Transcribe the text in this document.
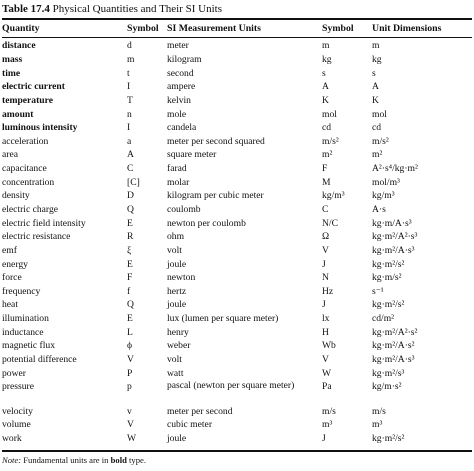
Table 17.4 Physical Quantities and Their SI Units
Quantity	Symbol	SI Measurement Units	Symbol	Unit Dimensions
distance	d	meter	m	m
mass	m	kilogram	kg	kg
time	t	second	s	s
electric current	I	ampere	A	A
temperature	T	kelvin	K	K
amount	n	mole	mol	mol
luminous intensity	I	candela	cd	cd
acceleration	a	meter per second squared	m/s²	m/s²
area	A	square meter	m²	m²
capacitance	C	farad	F	A²·s⁴/kg·m²
concentration	[C]	molar	M	mol/m³
density	D	kilogram per cubic meter	kg/m³	kg/m³
electric charge	Q	coulomb	C	A·s
electric field intensity	E	newton per coulomb	N/C	kg·m/A·s³
electric resistance	R	ohm	Ω	kg·m²/A²·s³
emf	ξ	volt	V	kg·m²/A·s³
energy	E	joule	J	kg·m²/s²
force	F	newton	N	kg·m/s²
frequency	f	hertz	Hz	s⁻¹
heat	Q	joule	J	kg·m²/s²
illumination	E	lux (lumen per square meter)	lx	cd/m²
inductance	L	henry	H	kg·m²/A²·s²
magnetic flux	ϕ	weber	Wb	kg·m²/A·s²
potential difference	V	volt	V	kg·m²/A·s³
power	P	watt	W	kg·m²/s³
pressure	p	pascal (newton per square meter)	Pa	kg/m·s²
velocity	v	meter per second	m/s	m/s
volume	V	cubic meter	m³	m³
work	W	joule	J	kg·m²/s²
Note: Fundamental units are in bold type.
